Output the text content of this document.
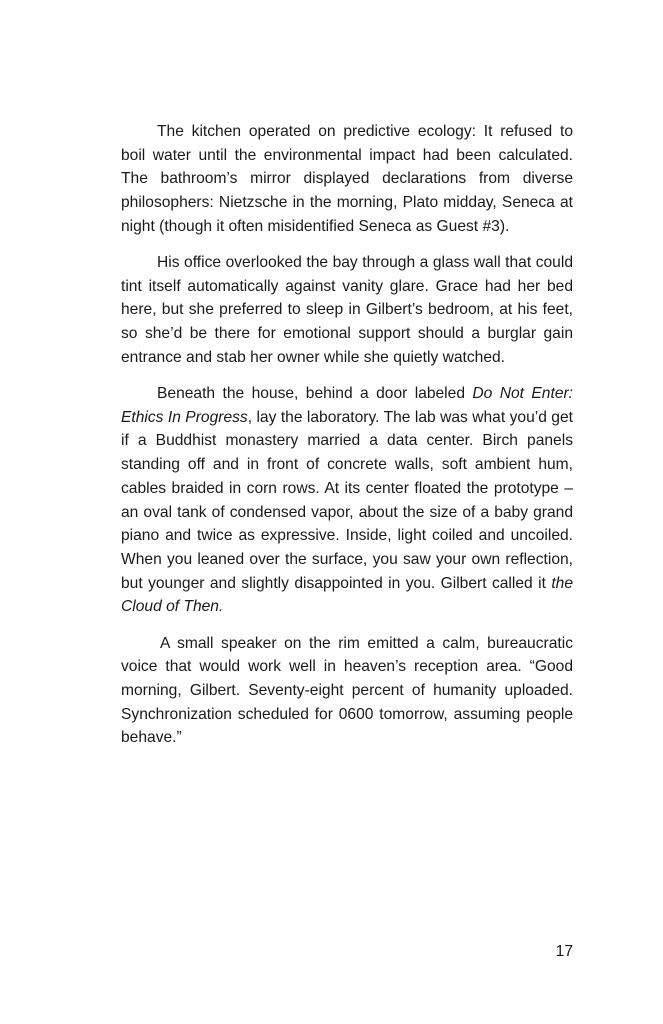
The kitchen operated on predictive ecology: It refused to boil water until the environmental impact had been calculated. The bathroom’s mirror displayed declarations from diverse philosophers: Nietzsche in the morning, Plato midday, Seneca at night (though it often misidentified Seneca as Guest #3).

His office overlooked the bay through a glass wall that could tint itself automatically against vanity glare. Grace had her bed here, but she preferred to sleep in Gilbert’s bedroom, at his feet, so she’d be there for emotional support should a burglar gain entrance and stab her owner while she quietly watched.

Beneath the house, behind a door labeled Do Not Enter: Ethics In Progress, lay the laboratory. The lab was what you’d get if a Buddhist monastery married a data center. Birch panels standing off and in front of concrete walls, soft ambient hum, cables braided in corn rows. At its center floated the prototype – an oval tank of condensed vapor, about the size of a baby grand piano and twice as expressive. Inside, light coiled and uncoiled. When you leaned over the surface, you saw your own reflection, but younger and slightly disappointed in you. Gilbert called it the Cloud of Then.

A small speaker on the rim emitted a calm, bureaucratic voice that would work well in heaven’s reception area. “Good morning, Gilbert. Seventy-eight percent of humanity uploaded. Synchronization scheduled for 0600 tomorrow, assuming people behave.”

17
